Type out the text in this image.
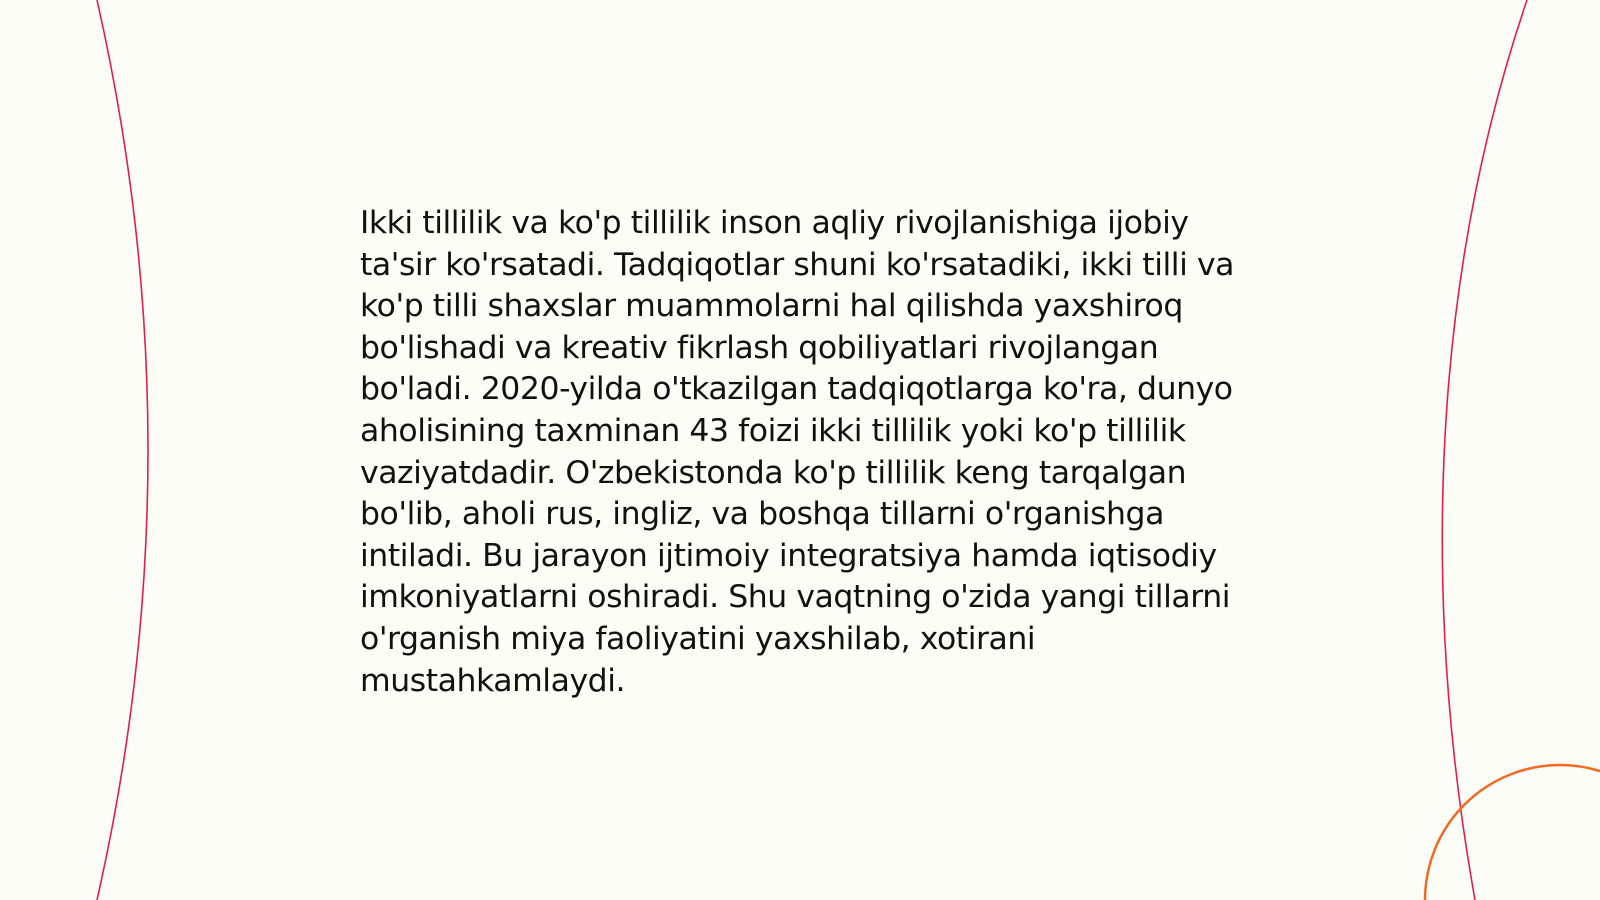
Ikki tillilik va ko'p tillilik inson aqliy rivojlanishiga ijobiy ta'sir ko'rsatadi. Tadqiqotlar shuni ko'rsatadiki, ikki tilli va ko'p tilli shaxslar muammolarni hal qilishda yaxshiroq bo'lishadi va kreativ fikrlash qobiliyatlari rivojlangan bo'ladi. 2020-yilda o'tkazilgan tadqiqotlarga ko'ra, dunyo aholisining taxminan 43 foizi ikki tillilik yoki ko'p tillilik vaziyatdadir. O'zbekistonda ko'p tillilik keng tarqalgan bo'lib, aholi rus, ingliz, va boshqa tillarni o'rganishga intiladi. Bu jarayon ijtimoiy integratsiya hamda iqtisodiy imkoniyatlarni oshiradi. Shu vaqtning o'zida yangi tillarni o'rganish miya faoliyatini yaxshilab, xotirani mustahkamlaydi.
